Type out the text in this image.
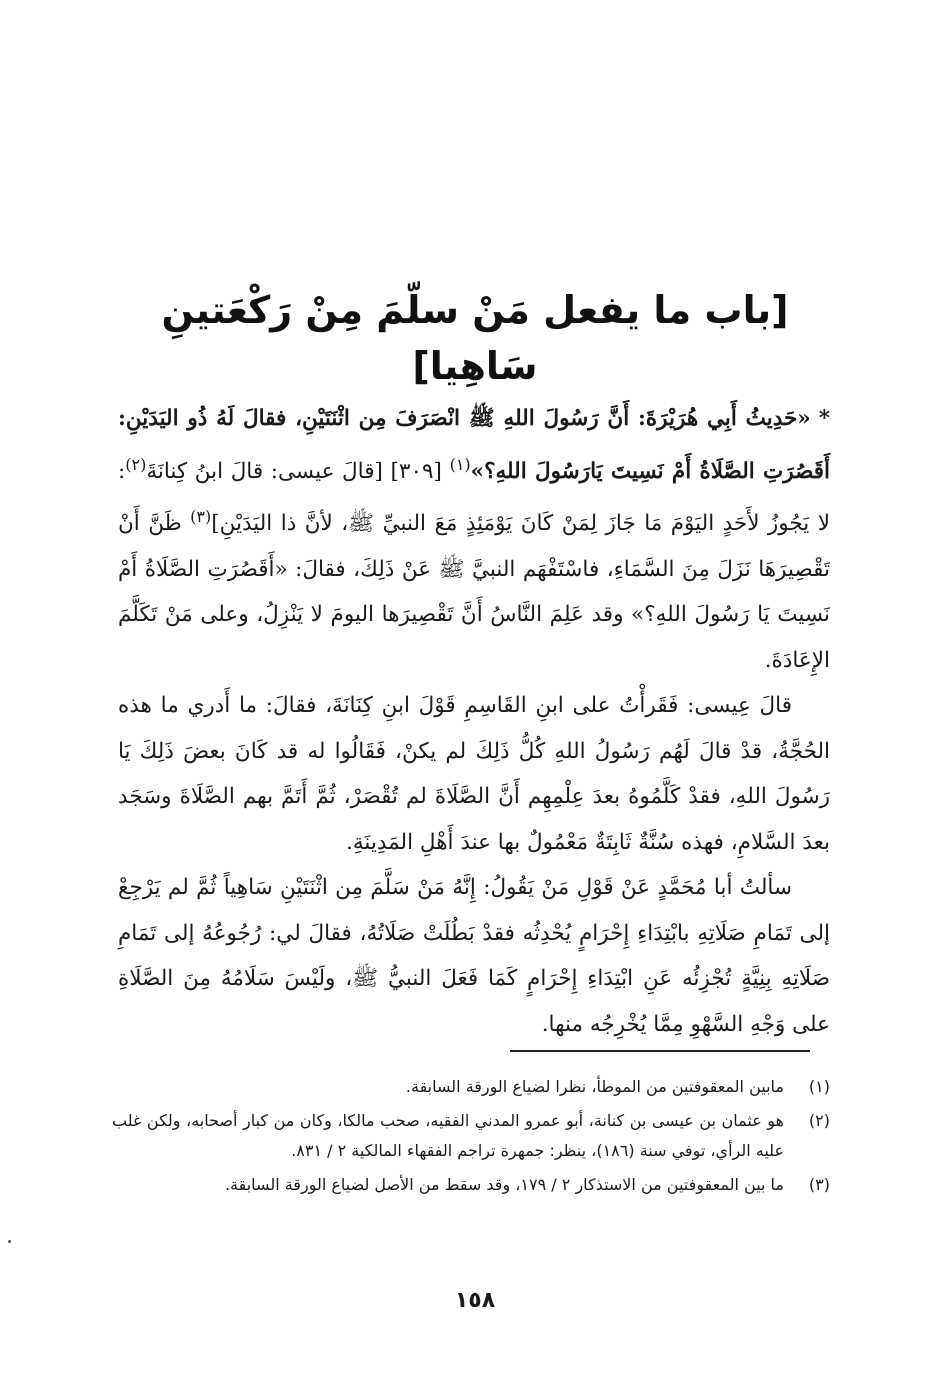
[باب ما يفعل مَنْ سلّمَ مِنْ رَكْعَتينِ سَاهِيا]

*«حَدِيثُ أَبِي هُرَيْرَةَ: أَنَّ رَسُولَ اللهِ ﷺ انْصَرَفَ مِن اثْنَتَيْنِ، فقالَ لَهُ ذُو اليَدَيْنِ: أَقَصُرَتِ الصَّلَاةُ أَمْ نَسِيتَ يَارَسُولَ اللهِ؟»$^{(١)}$ [٣٠٩] [قالَ عيسى: قالَ ابنُ كِنانَةَ$^{(٢)}$: لا يَجُوزُ لأَحَدٍ اليَوْمَ مَا جَازَ لِمَنْ كَانَ يَوْمَئِذٍ مَعَ النبيِّ ﷺ، لأنَّ ذا اليَدَيْنِ]$^{(٣)}$ ظَنَّ أَنْ تَقْصِيرَهَا نَزَلَ مِنَ السَّمَاءِ، فاسْتَفْهَم النبيَّ ﷺ عَنْ ذَلِكَ، فقالَ: «أَقَصُرَتِ الصَّلَاةُ أَمْ نَسِيتَ يَا رَسُولَ اللهِ؟» وقد عَلِمَ النَّاسُ أَنَّ تَقْصِيرَها اليومَ لا يَنْزِلُ، وعلى مَنْ تَكَلَّمَ الإِعَادَةَ.

قالَ عِيسى: فَقَرأْتُ على ابنِ القَاسِمِ قَوْلَ ابنِ كِنَانَةَ، فقالَ: ما أَدري ما هذه الحُجَّةُ، قدْ قالَ لَهُم رَسُولُ اللهِ كُلُّ ذَلِكَ لم يكنْ، فَقَالُوا له قد كَانَ بعضَ ذَلِكَ يَا رَسُولَ اللهِ، فقدْ كَلَّمُوهُ بعدَ عِلْمِهِم أَنَّ الصَّلَاةَ لم تُقْصَرْ، ثُمَّ أَتَمَّ بهم الصَّلَاةَ وسَجَد بعدَ السَّلامِ، فهذه سُنَّةٌ ثَابِتَةٌ مَعْمُولٌ بها عندَ أَهْلِ المَدِينَةِ.

سألتُ أبا مُحَمَّدٍ عَنْ قَوْلِ مَنْ يَقُولُ: إِنَّهُ مَنْ سَلَّمَ مِن اثْنَتَيْنِ سَاهِياً ثُمَّ لم يَرْجِعْ إلى تَمَامِ صَلَاتِهِ بابْتِدَاءِ إِحْرَامٍ يُحْدِثُه فقدْ بَطُلَتْ صَلَاتُهُ، فقالَ لي: رُجُوعُهُ إلى تَمَامِ صَلَاتِهِ بِنِيَّةٍ تُجْزِئُه عَنِ ابْتِدَاءِ إِحْرَامٍ كَمَا فَعَلَ النبيُّ ﷺ، ولَيْسَ سَلَامُهُ مِنَ الصَّلَاةِ على وَجْهِ السَّهْوِ مِمَّا يُخْرِجُه منها.

(١)
مابين المعقوفتين من الموطأ، نظرا لضياع الورقة السابقة.
(٢)
هو عثمان بن عيسى بن كنانة، أبو عمرو المدني الفقيه، صحب مالكا، وكان من كبار أصحابه، ولكن غلب عليه الرأي، توفي سنة (١٨٦)، ينظر: جمهرة تراجم الفقهاء المالكية ٢ / ٨٣١.
(٣)
ما بين المعقوفتين من الاستذكار ٢ / ١٧٩، وقد سقط من الأصل لضياع الورقة السابقة.
١٥٨
